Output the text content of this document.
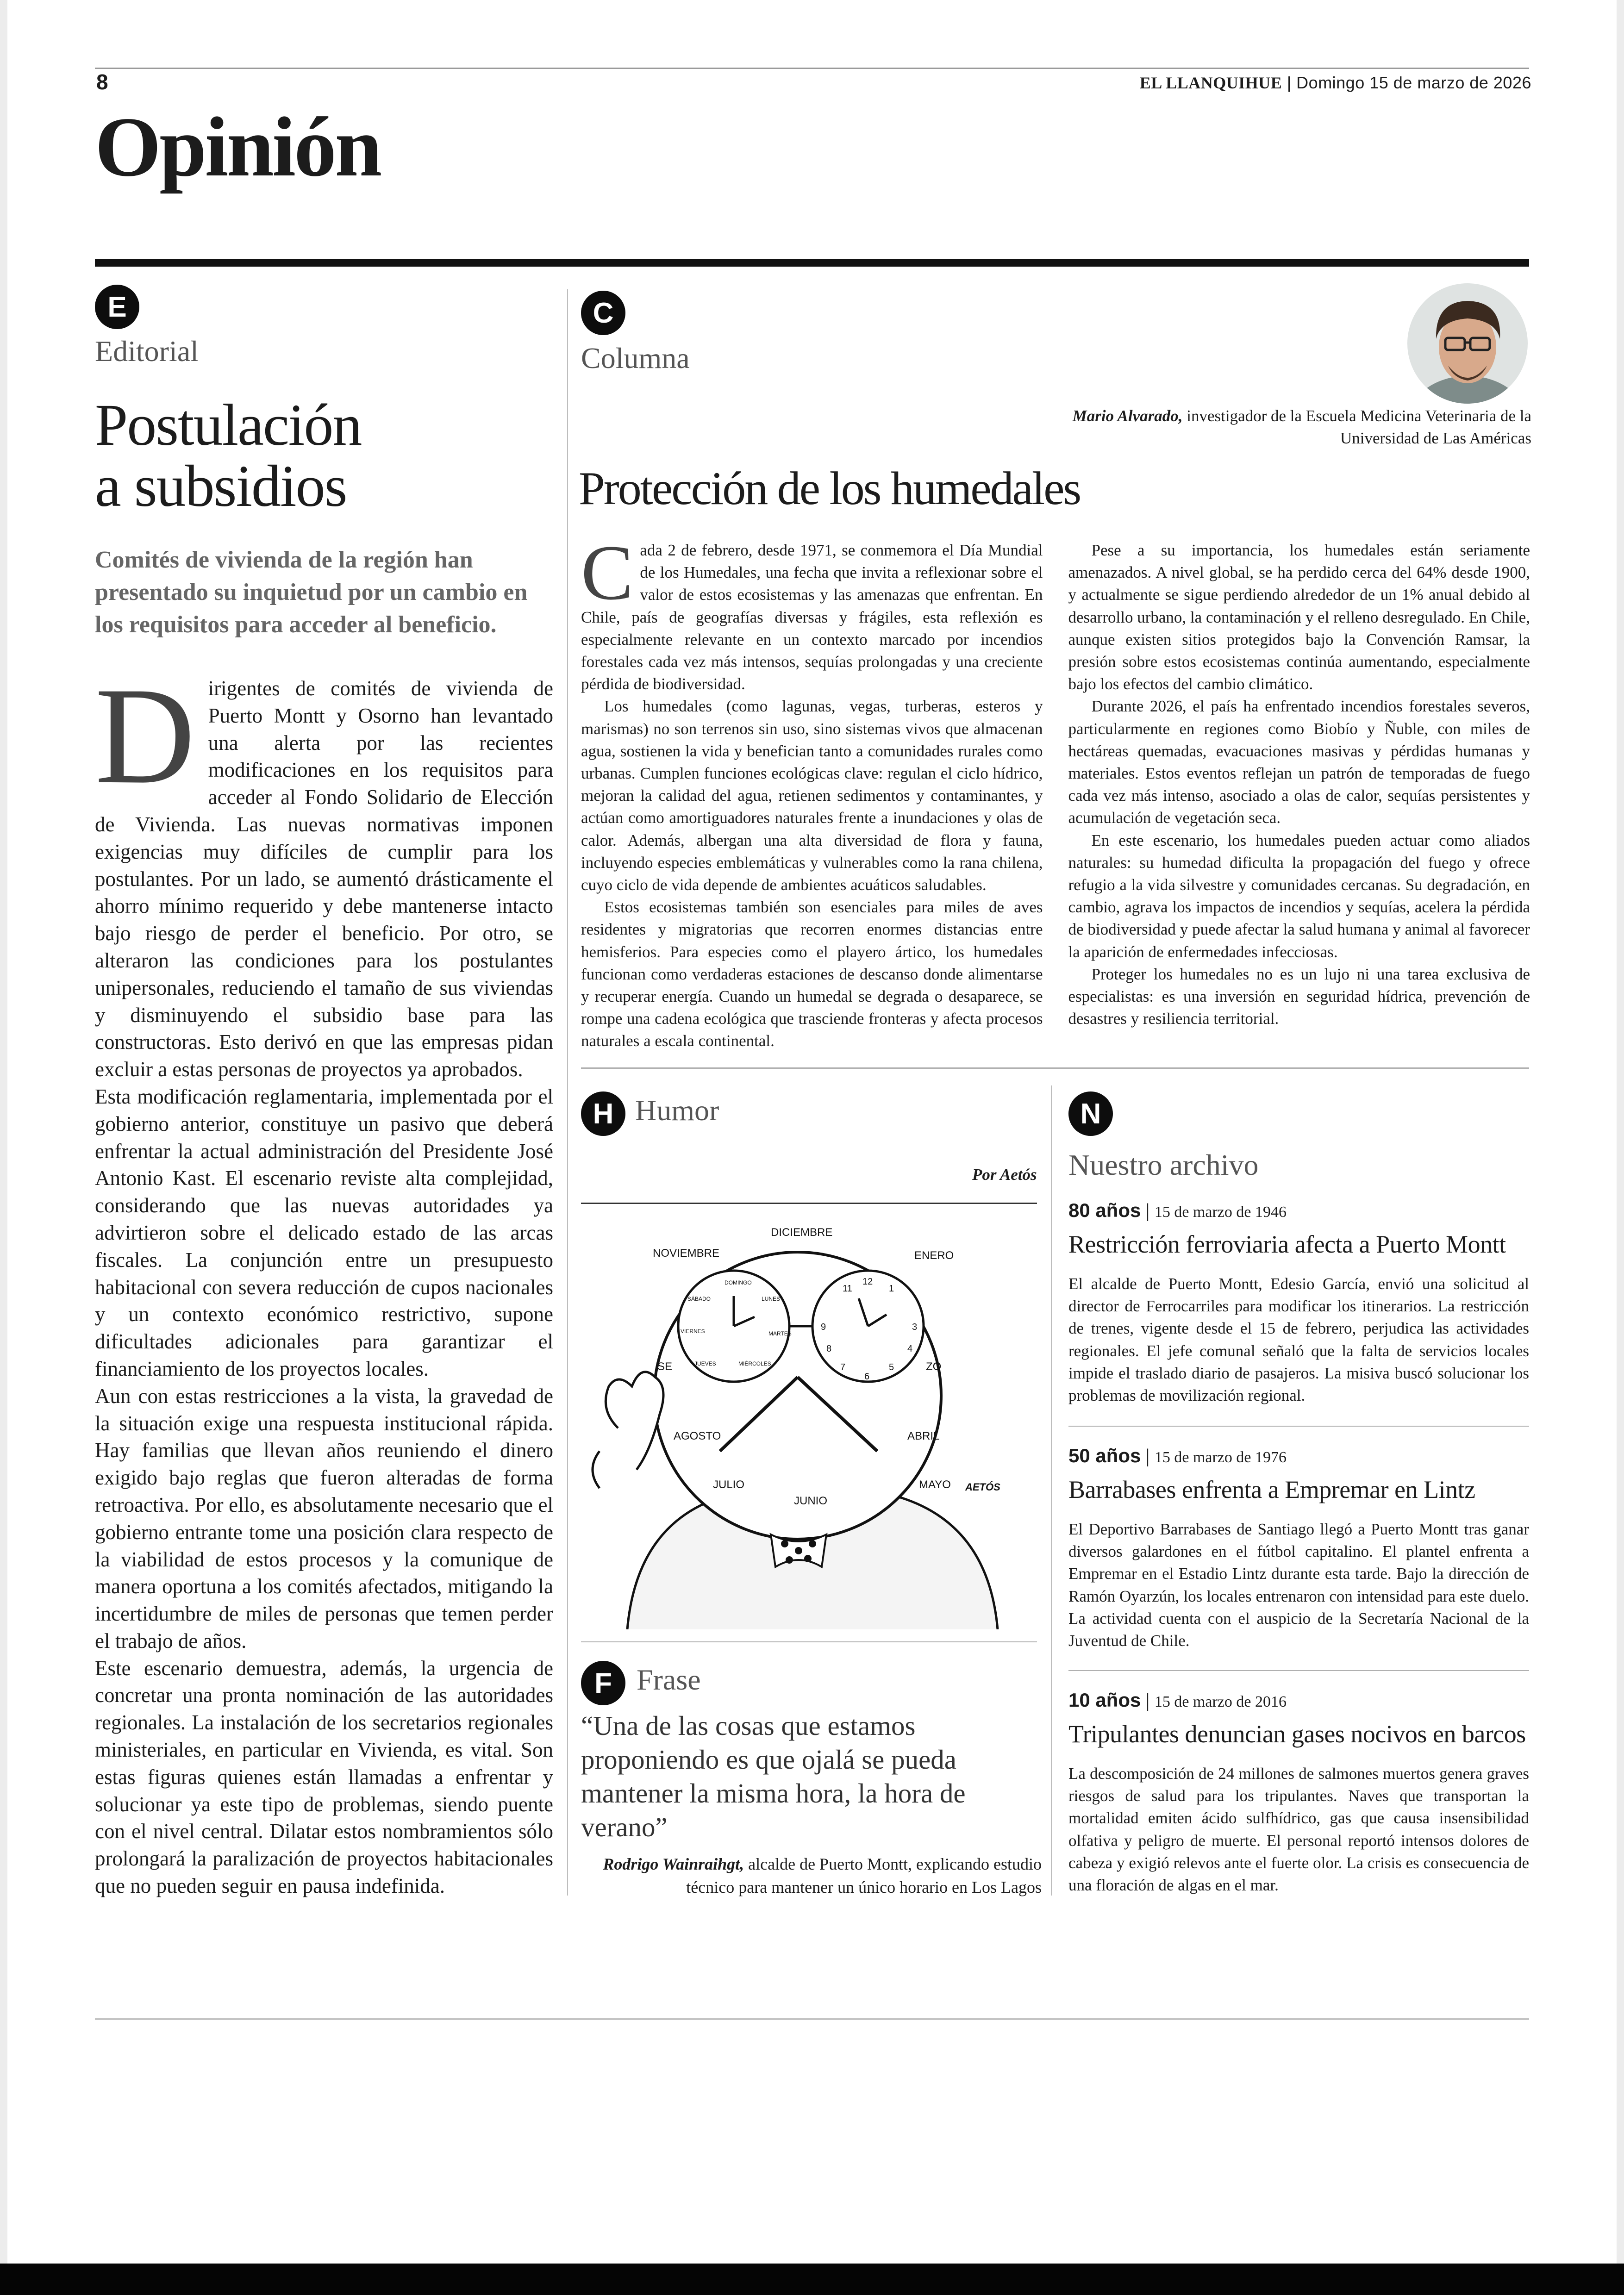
8	EL LLANQUIHUE | Domingo 15 de marzo de 2026
Opinión
E
Editorial
Postulación
a subsidios
Comités de vivienda de la región han presentado su inquietud por un cambio en los requisitos para acceder al beneficio.

Dirigentes de comités de vivienda de Puerto Montt y Osorno han levantado una alerta por las recientes modificaciones en los requisitos para acceder al Fondo Solidario de Elección de Vivienda. Las nuevas normativas imponen exigencias muy difíciles de cumplir para los postulantes. Por un lado, se aumentó drásticamente el ahorro mínimo requerido y debe mantenerse intacto bajo riesgo de perder el beneficio. Por otro, se alteraron las condiciones para los postulantes unipersonales, reduciendo el tamaño de sus viviendas y disminuyendo el subsidio base para las constructoras. Esto derivó en que las empresas pidan excluir a estas personas de proyectos ya aprobados.

Esta modificación reglamentaria, implementada por el gobierno anterior, constituye un pasivo que deberá enfrentar la actual administración del Presidente José Antonio Kast. El escenario reviste alta complejidad, considerando que las nuevas autoridades ya advirtieron sobre el delicado estado de las arcas fiscales. La conjunción entre un presupuesto habitacional con severa reducción de cupos nacionales y un contexto económico restrictivo, supone dificultades adicionales para garantizar el financiamiento de los proyectos locales.

Aun con estas restricciones a la vista, la gravedad de la situación exige una respuesta institucional rápida. Hay familias que llevan años reuniendo el dinero exigido bajo reglas que fueron alteradas de forma retroactiva. Por ello, es absolutamente necesario que el gobierno entrante tome una posición clara respecto de la viabilidad de estos procesos y la comunique de manera oportuna a los comités afectados, mitigando la incertidumbre de miles de personas que temen perder el trabajo de años.

Este escenario demuestra, además, la urgencia de concretar una pronta nominación de las autoridades regionales. La instalación de los secretarios regionales ministeriales, en particular en Vivienda, es vital. Son estas figuras quienes están llamadas a enfrentar y solucionar ya este tipo de problemas, siendo puente con el nivel central. Dilatar estos nombramientos sólo prolongará la paralización de proyectos habitacionales que no pueden seguir en pausa indefinida.

C
Columna
Mario Alvarado, investigador de la Escuela Medicina Veterinaria de la Universidad de Las Américas
Protección de los humedales

Cada 2 de febrero, desde 1971, se conmemora el Día Mundial de los Humedales, una fecha que invita a reflexionar sobre el valor de estos ecosistemas y las amenazas que enfrentan. En Chile, país de geografías diversas y frágiles, esta reflexión es especialmente relevante en un contexto marcado por incendios forestales cada vez más intensos, sequías prolongadas y una creciente pérdida de biodiversidad.

Los humedales (como lagunas, vegas, turberas, esteros y marismas) no son terrenos sin uso, sino sistemas vivos que almacenan agua, sostienen la vida y benefician tanto a comunidades rurales como urbanas. Cumplen funciones ecológicas clave: regulan el ciclo hídrico, mejoran la calidad del agua, retienen sedimentos y contaminantes, y actúan como amortiguadores naturales frente a inundaciones y olas de calor. Además, albergan una alta diversidad de flora y fauna, incluyendo especies emblemáticas y vulnerables como la rana chilena, cuyo ciclo de vida depende de ambientes acuáticos saludables.

Estos ecosistemas también son esenciales para miles de aves residentes y migratorias que recorren enormes distancias entre hemisferios. Para especies como el playero ártico, los humedales funcionan como verdaderas estaciones de descanso donde alimentarse y recuperar energía. Cuando un humedal se degrada o desaparece, se rompe una cadena ecológica que trasciende fronteras y afecta procesos naturales a escala continental.

Pese a su importancia, los humedales están seriamente amenazados. A nivel global, se ha perdido cerca del 64% desde 1900, y actualmente se sigue perdiendo alrededor de un 1% anual debido al desarrollo urbano, la contaminación y el relleno desregulado. En Chile, aunque existen sitios protegidos bajo la Convención Ramsar, la presión sobre estos ecosistemas continúa aumentando, especialmente bajo los efectos del cambio climático.

Durante 2026, el país ha enfrentado incendios forestales severos, particularmente en regiones como Biobío y Ñuble, con miles de hectáreas quemadas, evacuaciones masivas y pérdidas humanas y materiales. Estos eventos reflejan un patrón de temporadas de fuego cada vez más intenso, asociado a olas de calor, sequías persistentes y acumulación de vegetación seca.

En este escenario, los humedales pueden actuar como aliados naturales: su humedad dificulta la propagación del fuego y ofrece refugio a la vida silvestre y comunidades cercanas. Su degradación, en cambio, agrava los impactos de incendios y sequías, acelera la pérdida de biodiversidad y puede afectar la salud humana y animal al favorecer la aparición de enfermedades infecciosas.

Proteger los humedales no es un lujo ni una tarea exclusiva de especialistas: es una inversión en seguridad hídrica, prevención de desastres y resiliencia territorial.

H Humor
Por Aetós
DICIEMBRE
ENERO
NOVIEMBRE
SE	ZO
AGOSTO	ABRIL
JULIO
JUNIO
MAYO
DOMINGO
LUNES
SÁBADO
VIERNES	MARTES
JUEVES	MIÉRCOLES
12
11	1
9	3
8
7
6
5
4
AETÓS
F Frase
“Una de las cosas que estamos proponiendo es que ojalá se pueda mantener la misma hora, la hora de verano”
Rodrigo Wainraihgt, alcalde de Puerto Montt, explicando estudio técnico para mantener un único horario en Los Lagos
N
Nuestro archivo
80 años | 15 de marzo de 1946
Restricción ferroviaria afecta a Puerto Montt
El alcalde de Puerto Montt, Edesio García, envió una solicitud al director de Ferrocarriles para modificar los itinerarios. La restricción de trenes, vigente desde el 15 de febrero, perjudica las actividades regionales. El jefe comunal señaló que la falta de servicios locales impide el traslado diario de pasajeros. La misiva buscó solucionar los problemas de movilización regional.
50 años | 15 de marzo de 1976
Barrabases enfrenta a Empremar en Lintz
El Deportivo Barrabases de Santiago llegó a Puerto Montt tras ganar diversos galardones en el fútbol capitalino. El plantel enfrenta a Empremar en el Estadio Lintz durante esta tarde. Bajo la dirección de Ramón Oyarzún, los locales entrenaron con intensidad para este duelo. La actividad cuenta con el auspicio de la Secretaría Nacional de la Juventud de Chile.
10 años | 15 de marzo de 2016
Tripulantes denuncian gases nocivos en barcos
La descomposición de 24 millones de salmones muertos genera graves riesgos de salud para los tripulantes. Naves que transportan la mortalidad emiten ácido sulfhídrico, gas que causa insensibilidad olfativa y peligro de muerte. El personal reportó intensos dolores de cabeza y exigió relevos ante el fuerte olor. La crisis es consecuencia de una floración de algas en el mar.
